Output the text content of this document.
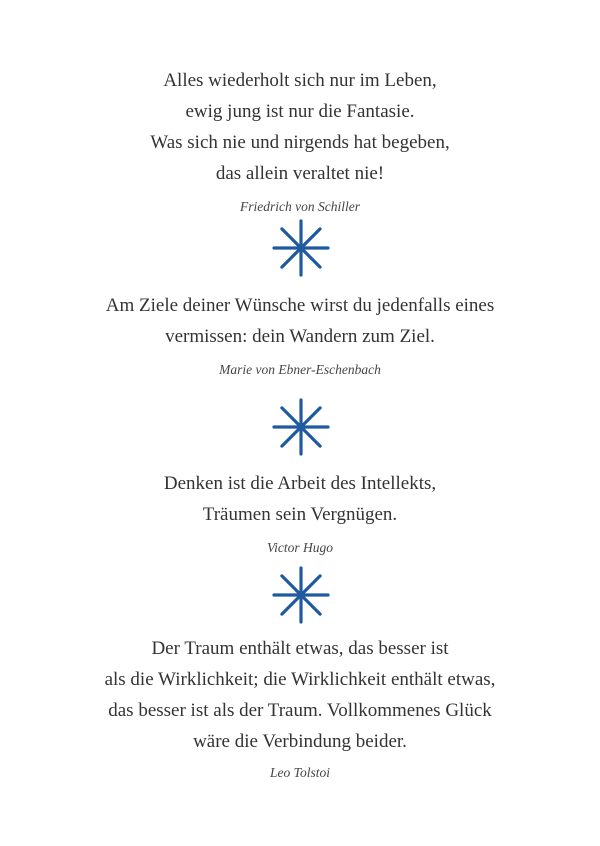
Alles wiederholt sich nur im Leben,
ewig jung ist nur die Fantasie.
Was sich nie und nirgends hat begeben,
das allein veraltet nie!
Friedrich von Schiller
Am Ziele deiner Wünsche wirst du jedenfalls eines
vermissen: dein Wandern zum Ziel.
Marie von Ebner-Eschenbach
Denken ist die Arbeit des Intellekts,
Träumen sein Vergnügen.
Victor Hugo
Der Traum enthält etwas, das besser ist
als die Wirklichkeit; die Wirklichkeit enthält etwas,
das besser ist als der Traum. Vollkommenes Glück
wäre die Verbindung beider.
Leo Tolstoi
